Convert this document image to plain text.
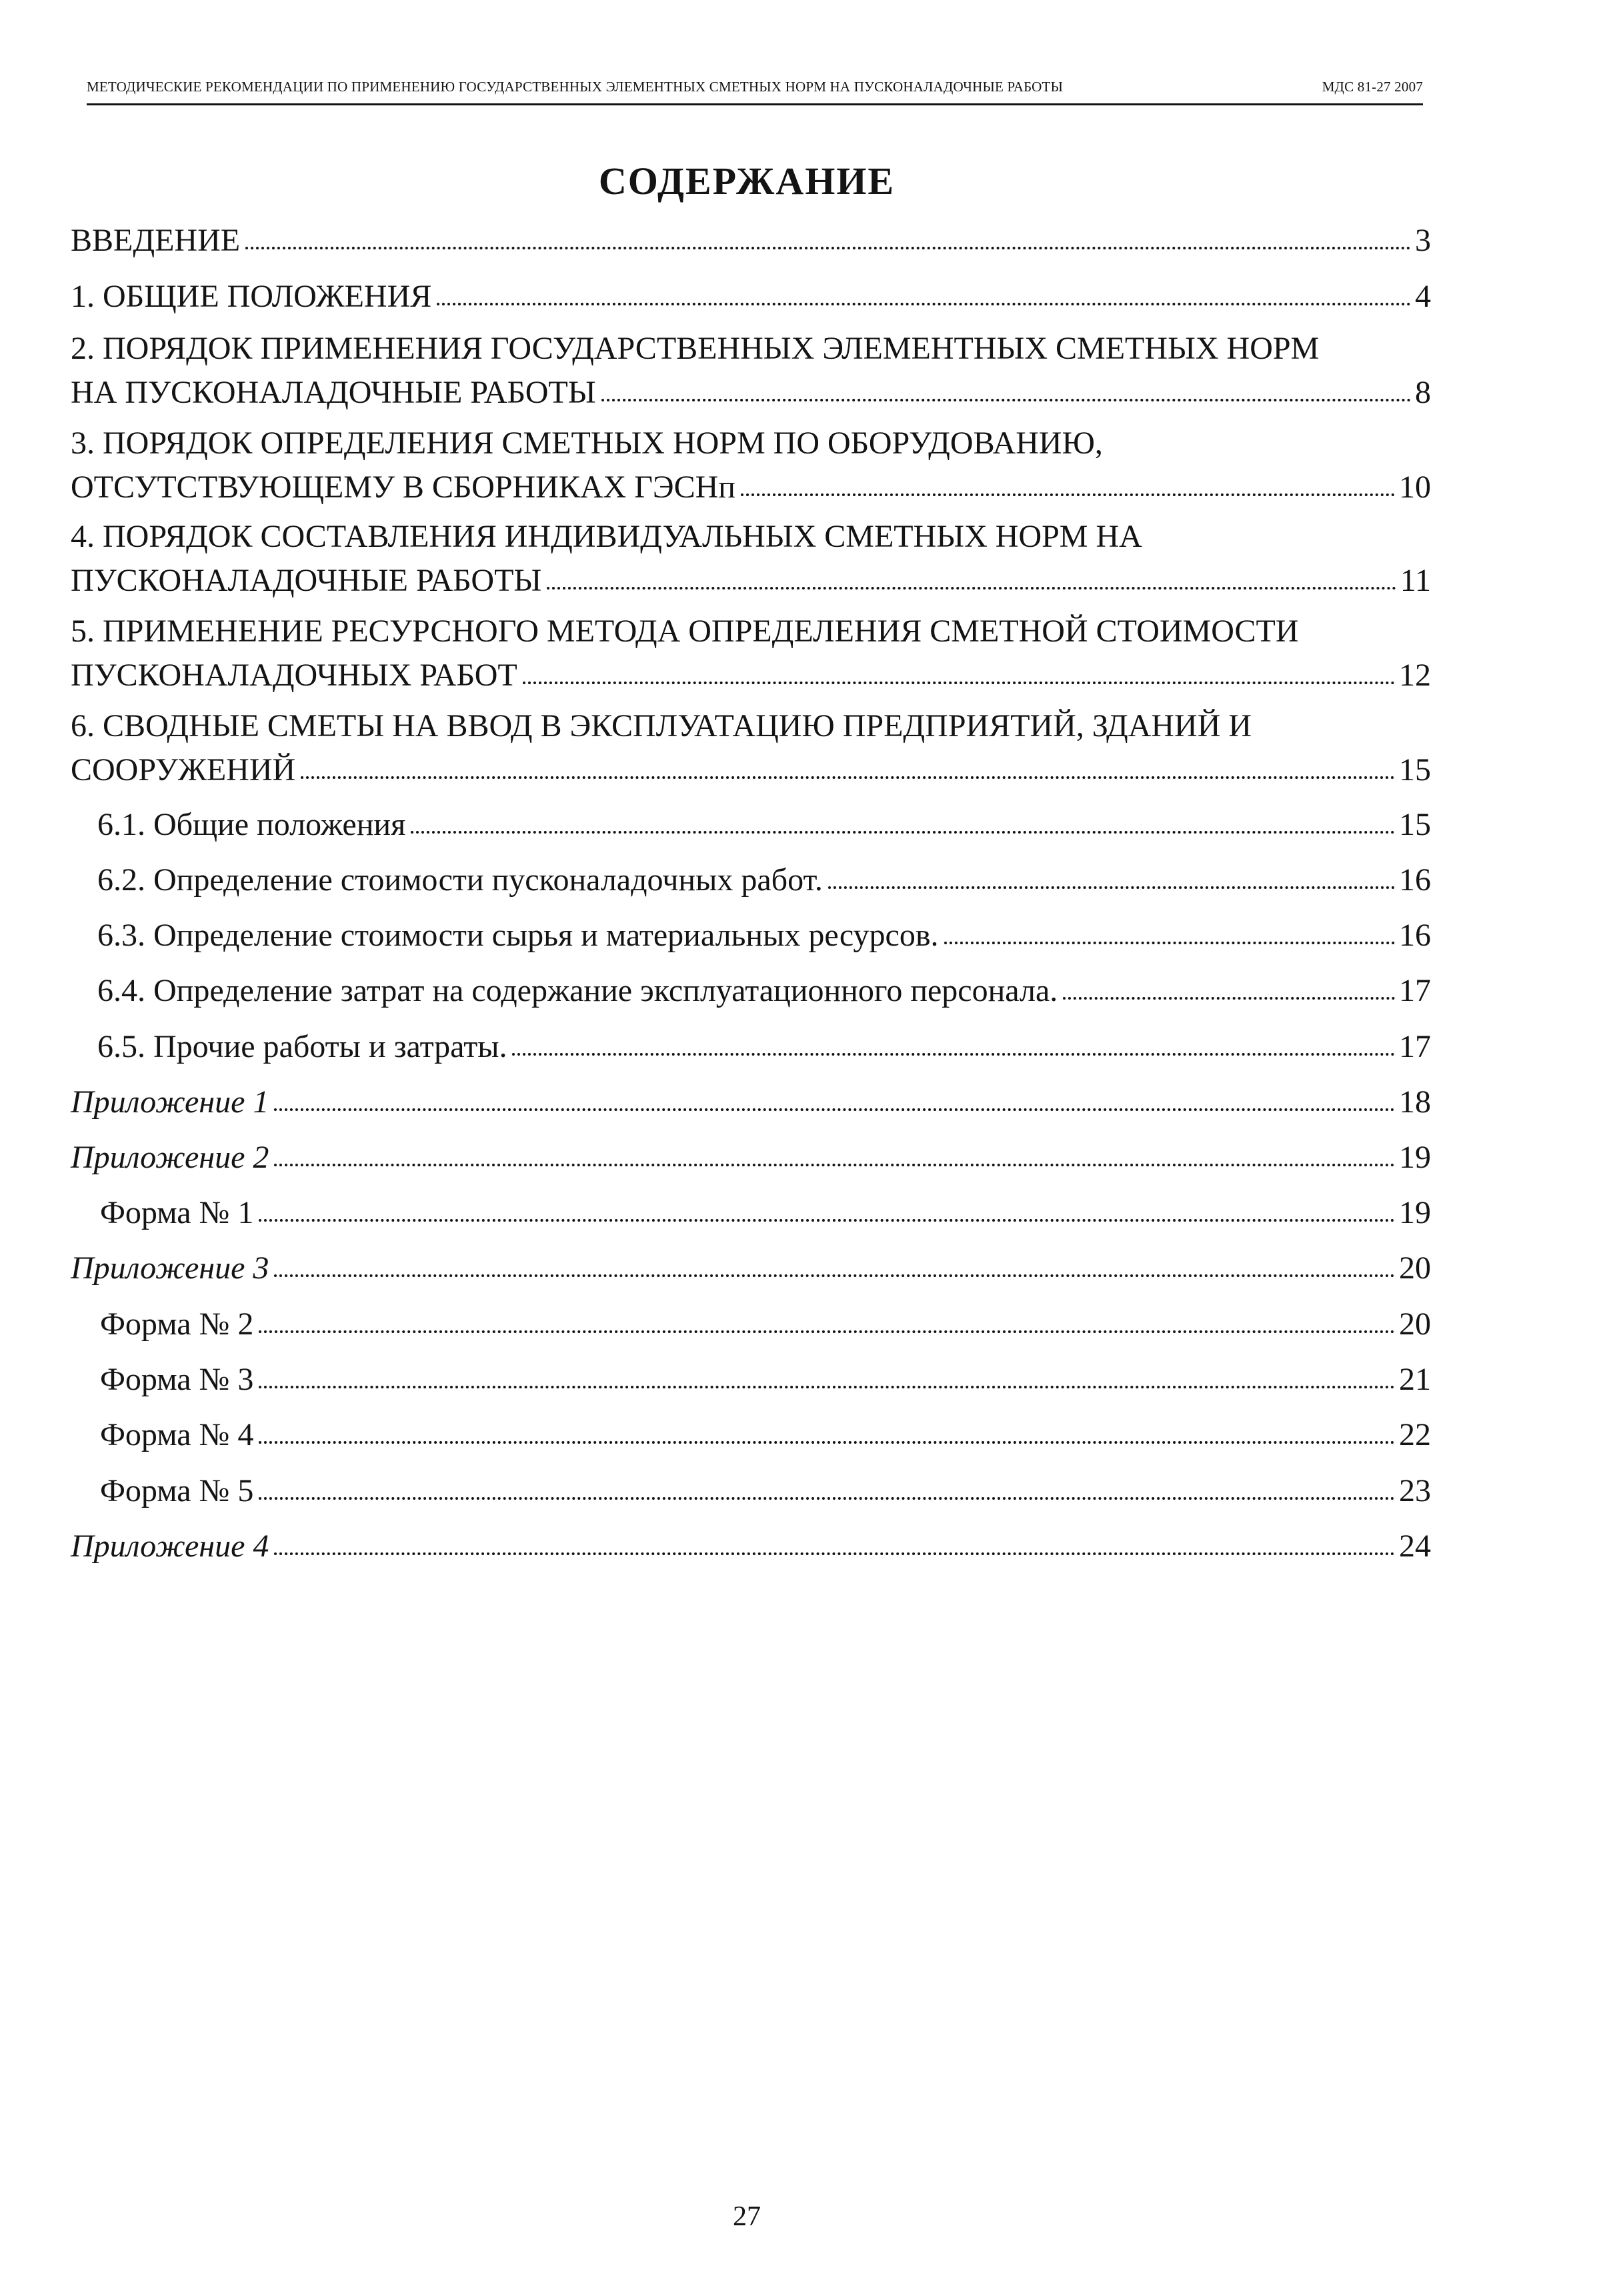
МЕТОДИЧЕСКИЕ РЕКОМЕНДАЦИИ ПО ПРИМЕНЕНИЮ ГОСУДАРСТВЕННЫХ ЭЛЕМЕНТНЫХ СМЕТНЫХ НОРМ НА ПУСКОНАЛАДОЧНЫЕ РАБОТЫ	МДС 81-27 2007
СОДЕРЖАНИЕ
ВВЕДЕНИЕ	3
1. ОБЩИЕ ПОЛОЖЕНИЯ	4
2. ПОРЯДОК ПРИМЕНЕНИЯ ГОСУДАРСТВЕННЫХ ЭЛЕМЕНТНЫХ СМЕТНЫХ НОРМ
НА ПУСКОНАЛАДОЧНЫЕ РАБОТЫ	8
3. ПОРЯДОК ОПРЕДЕЛЕНИЯ СМЕТНЫХ НОРМ ПО ОБОРУДОВАНИЮ,
ОТСУТСТВУЮЩЕМУ В СБОРНИКАХ ГЭСНп	10
4. ПОРЯДОК СОСТАВЛЕНИЯ ИНДИВИДУАЛЬНЫХ СМЕТНЫХ НОРМ НА
ПУСКОНАЛАДОЧНЫЕ РАБОТЫ	11
5. ПРИМЕНЕНИЕ РЕСУРСНОГО МЕТОДА ОПРЕДЕЛЕНИЯ СМЕТНОЙ СТОИМОСТИ
ПУСКОНАЛАДОЧНЫХ РАБОТ	12
6. СВОДНЫЕ СМЕТЫ НА ВВОД В ЭКСПЛУАТАЦИЮ ПРЕДПРИЯТИЙ, ЗДАНИЙ И
СООРУЖЕНИЙ	15
6.1. Общие положения	15
6.2. Определение стоимости пусконаладочных работ.	16
6.3. Определение стоимости сырья и материальных ресурсов.	16
6.4. Определение затрат на содержание эксплуатационного персонала.	17
6.5. Прочие работы и затраты.	17
Приложение 1	18
Приложение 2	19
Форма № 1	19
Приложение 3	20
Форма № 2	20
Форма № 3	21
Форма № 4	22
Форма № 5	23
Приложение 4	24
27
